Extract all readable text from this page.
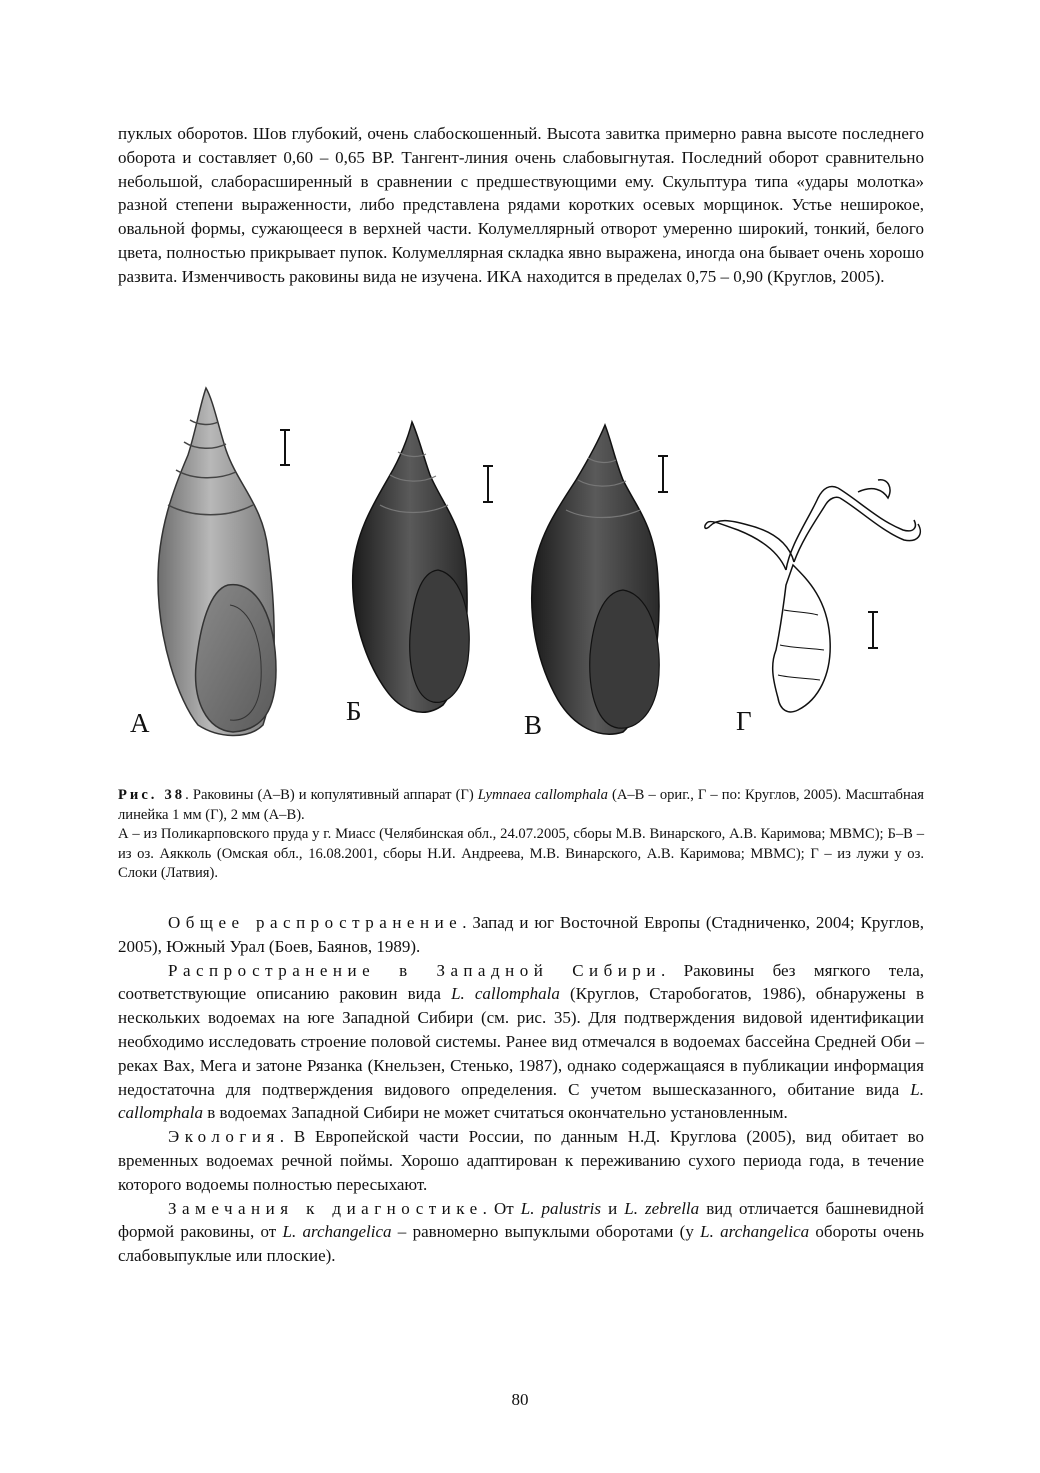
пуклых оборотов. Шов глубокий, очень слабоскошенный. Высота завитка примерно равна высоте последнего оборота и составляет 0,60 – 0,65 ВР. Тангент-линия очень слабовыгнутая. Последний оборот сравнительно небольшой, слаборасширенный в сравнении с предшествующими ему. Скульптура типа «удары молотка» разной степени выраженности, либо представлена рядами коротких осевых морщинок. Устье неширокое, овальной формы, сужающееся в верхней части. Колумеллярный отворот умеренно широкий, тонкий, белого цвета, полностью прикрывает пупок. Колумеллярная складка явно выражена, иногда она бывает очень хорошо развита. Изменчивость раковины вида не изучена. ИКА находится в пределах 0,75 – 0,90 (Круглов, 2005).

А	Б	В	Г

Рис. 38. Раковины (А–В) и копулятивный аппарат (Г) Lymnaea callomphala (А–В – ориг., Г – по: Круглов, 2005). Масштабная линейка 1 мм (Г), 2 мм (А–В).

А – из Поликарповского пруда у г. Миасс (Челябинская обл., 24.07.2005, сборы М.В. Винарского, А.В. Каримова; МВМС); Б–В –из оз. Аякколь (Омская обл., 16.08.2001, сборы Н.И. Андреева, М.В. Винарского, А.В. Каримова; МВМС); Г – из лужи у оз. Слоки (Латвия).

Общее распространение. Запад и юг Восточной Европы (Стадниченко, 2004; Круглов, 2005), Южный Урал (Боев, Баянов, 1989).

Распространение в Западной Сибири. Раковины без мягкого тела, соответствующие описанию раковин вида L. callomphala (Круглов, Старобогатов, 1986), обнаружены в нескольких водоемах на юге Западной Сибири (см. рис. 35). Для подтверждения видовой идентификации необходимо исследовать строение половой системы. Ранее вид отмечался в водоемах бассейна Средней Оби – реках Вах, Мега и затоне Рязанка (Кнельзен, Стенько, 1987), однако содержащаяся в публикации информация недостаточна для подтверждения видового определения. С учетом вышесказанного, обитание вида L. callomphala в водоемах Западной Сибири не может считаться окончательно установленным.

Экология. В Европейской части России, по данным Н.Д. Круглова (2005), вид обитает во временных водоемах речной поймы. Хорошо адаптирован к переживанию сухого периода года, в течение которого водоемы полностью пересыхают.

Замечания к диагностике. От L. palustris и L. zebrella вид отличается башневидной формой раковины, от L. archangelica – равномерно выпуклыми оборотами (у L. archangelica обороты очень слабовыпуклые или плоские).

80
